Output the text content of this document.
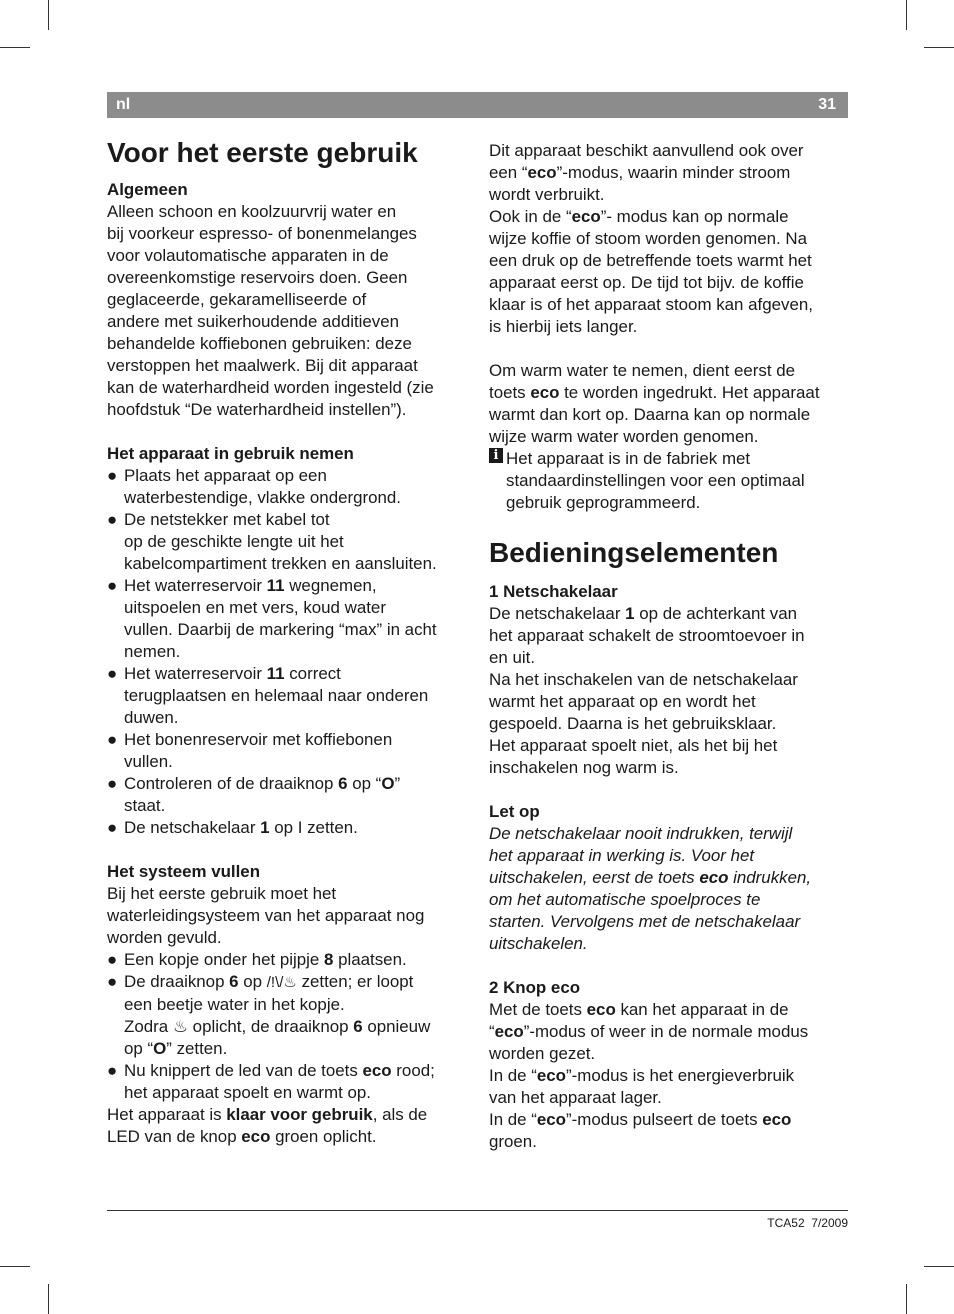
nl	31
Voor het eerste gebruik

Algemeen

Alleen schoon en koolzuurvrij water en

bij voorkeur espresso- of bonenmelanges

voor volautomatische apparaten in de

overeenkomstige reservoirs doen. Geen

geglaceerde, gekaramelliseerde of

andere met suikerhoudende additieven

behandelde koffiebonen gebruiken: deze

verstoppen het maalwerk. Bij dit apparaat

kan de waterhardheid worden ingesteld (zie

hoofdstuk “De waterhardheid instellen”).

Het apparaat in gebruik nemen

● Plaats het apparaat op een

waterbestendige, vlakke ondergrond.

● De netstekker met kabel tot

op de geschikte lengte uit het

kabelcompartiment trekken en aansluiten.

● Het waterreservoir 11 wegnemen,

uitspoelen en met vers, koud water

vullen. Daarbij de markering “max” in acht

nemen.

● Het waterreservoir 11 correct

terugplaatsen en helemaal naar onderen

duwen.

● Het bonenreservoir met koffiebonen

vullen.

● Controleren of de draaiknop 6 op “O”

staat.

● De netschakelaar 1 op I zetten.

Het systeem vullen

Bij het eerste gebruik moet het

waterleidingsysteem van het apparaat nog

worden gevuld.

● Een kopje onder het pijpje 8 plaatsen.

● De draaiknop 6 op /!\/♨ zetten; er loopt

een beetje water in het kopje.

Zodra ♨ oplicht, de draaiknop 6 opnieuw

op “O” zetten.

● Nu knippert de led van de toets eco rood;

het apparaat spoelt en warmt op.

Het apparaat is klaar voor gebruik, als de

LED van de knop eco groen oplicht.

Dit apparaat beschikt aanvullend ook over

een “eco”-modus, waarin minder stroom

wordt verbruikt.

Ook in de “eco”- modus kan op normale

wijze koffie of stoom worden genomen. Na

een druk op de betreffende toets warmt het

apparaat eerst op. De tijd tot bijv. de koffie

klaar is of het apparaat stoom kan afgeven,

is hierbij iets langer.

Om warm water te nemen, dient eerst de

toets eco te worden ingedrukt. Het apparaat

warmt dan kort op. Daarna kan op normale

wijze warm water worden genomen.

i Het apparaat is in de fabriek met

standaardinstellingen voor een optimaal

gebruik geprogrammeerd.

Bedieningselementen

1 Netschakelaar

De netschakelaar 1 op de achterkant van

het apparaat schakelt de stroomtoevoer in

en uit.

Na het inschakelen van de netschakelaar

warmt het apparaat op en wordt het

gespoeld. Daarna is het gebruiksklaar.

Het apparaat spoelt niet, als het bij het

inschakelen nog warm is.

Let op

De netschakelaar nooit indrukken, terwijl

het apparaat in werking is. Voor het

uitschakelen, eerst de toets eco indrukken,

om het automatische spoelproces te

starten. Vervolgens met de netschakelaar

uitschakelen.

2 Knop eco

Met de toets eco kan het apparaat in de

“eco”-modus of weer in de normale modus

worden gezet.

In de “eco”-modus is het energieverbruik

van het apparaat lager.

In de “eco”-modus pulseert de toets eco

groen.

TCA52 7/2009
